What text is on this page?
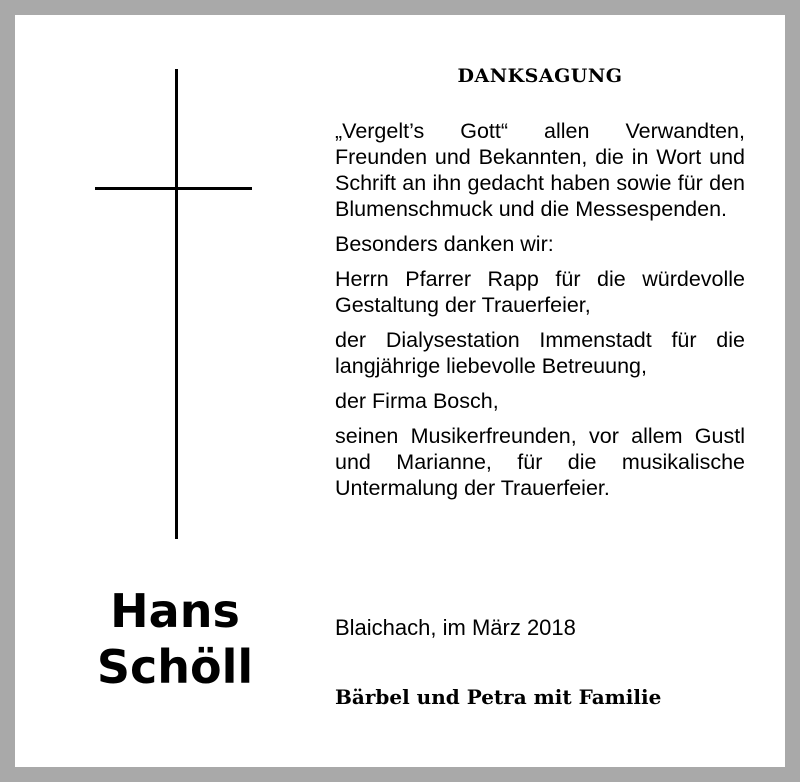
Hans
Schöll
DANKSAGUNG

„Vergelt’s Gott“ allen Verwandten, Freunden und Bekannten, die in Wort und Schrift an ihn gedacht haben sowie für den Blumenschmuck und die Messespenden.

Besonders danken wir:

Herrn Pfarrer Rapp für die würdevolle Gestaltung der Trauerfeier,

der Dialysestation Immenstadt für die langjährige liebevolle Betreuung,

der Firma Bosch,

seinen Musikerfreunden, vor allem Gustl und Marianne, für die musikalische Untermalung der Trauerfeier.

Blaichach, im März 2018
Bärbel und Petra mit Familie
